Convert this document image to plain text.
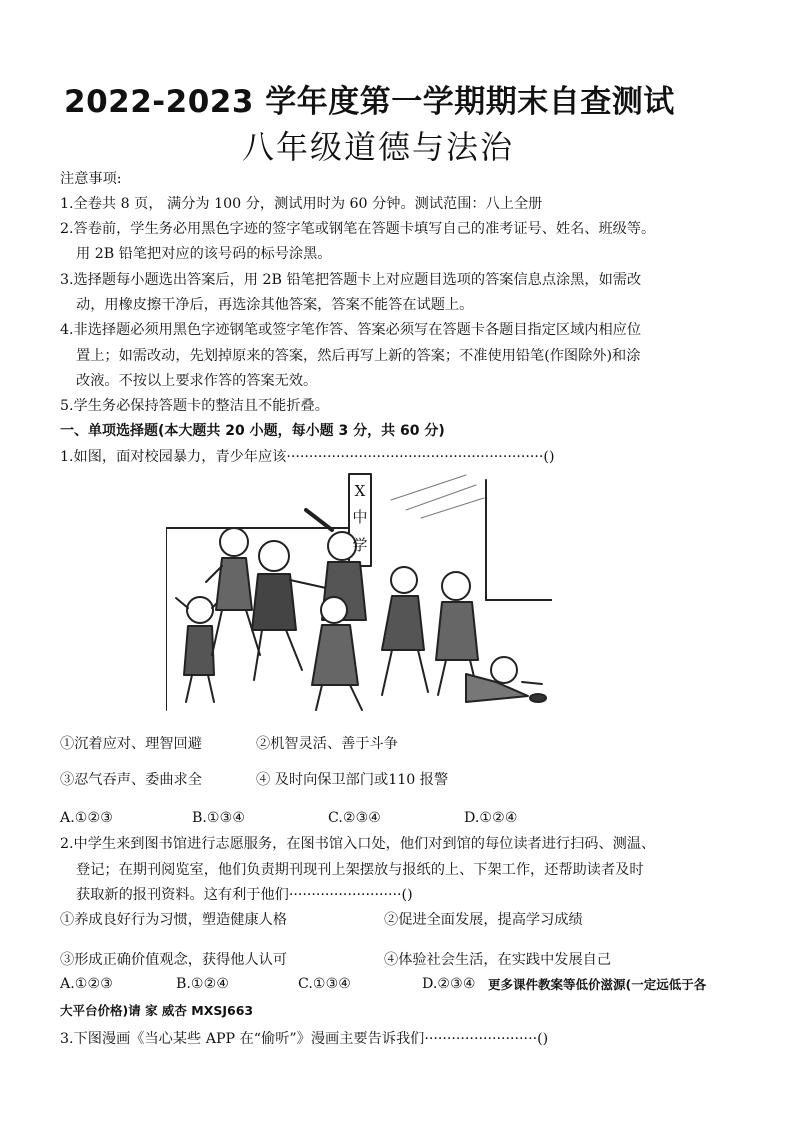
2022-2023 学年度第一学期期末自查测试
八年级道德与法治
注意事项:
1.全卷共 8 页， 满分为 100 分，测试用时为 60 分钟。测试范围：八上全册
2.答卷前，学生务必用黑色字迹的签字笔或钢笔在答题卡填写自己的准考证号、姓名、班级等。
用 2B 铅笔把对应的该号码的标号涂黑。
3.选择题每小题选出答案后，用 2B 铅笔把答题卡上对应题目选项的答案信息点涂黑，如需改
动，用橡皮擦干净后，再选涂其他答案，答案不能答在试题上。
4.非选择题必须用黑色字迹钢笔或签字笔作答、答案必须写在答题卡各题目指定区域内相应位
置上；如需改动，先划掉原来的答案，然后再写上新的答案；不准使用铅笔(作图除外)和涂
改液。不按以上要求作答的答案无效。
5.学生务必保持答题卡的整洁且不能折叠。
一、单项选择题(本大题共 20 小题，每小题 3 分，共 60 分)
1.如图，面对校园暴力，青少年应该·························································()
X
中
学
①沉着应对、理智回避	②机智灵活、善于斗争
③忍气吞声、委曲求全	④ 及时向保卫部门或110 报警
A.①②③	B.①③④	C.②③④	D.①②④
2.中学生来到图书馆进行志愿服务，在图书馆入口处，他们对到馆的每位读者进行扫码、测温、
登记；在期刊阅览室，他们负责期刊现刊上架摆放与报纸的上、下架工作，还帮助读者及时
获取新的报刊资料。这有利于他们·························()
①养成良好行为习惯，塑造健康人格	②促进全面发展，提高学习成绩
③形成正确价值观念，获得他人认可	④体验社会生活，在实践中发展自己
A.①②③	B.①②④	C.①③④	D.②③④ 更多课件教案等低价滋源(一定远低于各
大平台价格)请 家 威杏 MXSJ663
3.下图漫画《当心某些 APP 在“偷听”》漫画主要告诉我们·························()
